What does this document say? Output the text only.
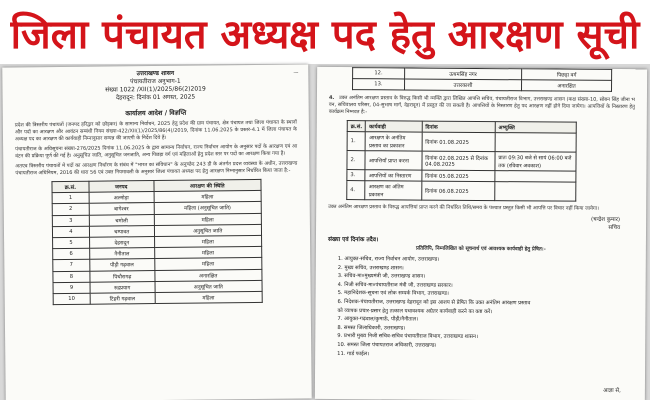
जिला पंचायत अध्यक्ष पद हेतु आरक्षण सूची
उत्तराखण्ड शासन
पंचायतीराज अनुभाग-1
संख्या 1022 /XII(1)/2025/86(2)2019
देहरादून: दिनांक 01 अगस्त, 2025
—
कार्यालय आदेश / विज्ञप्ति

प्रदेश की त्रिस्तरीय पंचायतों (जनपद हरिद्वार को छोड़कर) के सामान्य निर्वाचन, 2025 हेतु प्रदेश की ग्राम पंचायत, क्षेत्र पंचायत तथा जिला पंचायत के स्थानों और पदों का आरक्षण और आवंटन सम्बंधी नियम संख्या-422/XII(1)/2025/86(4)/2019, दिनांक 11.06.2025 के प्रस्तर-4.1 में जिला पंचायत के अध्यक्ष पद का आरक्षण की कार्यवाही निम्नानुसार सम्पन्न की जाएगी के निर्देश दिये हैं।

पंचायतीराज के अधिसूचना संख्या-276/2025 दिनांक 11.06.2025 के द्वारा सामान्य निर्वाचन, राज्य निर्वाचन आयोग के अनुसार पदों के आरक्षण एवं आवंटन की प्रक्रिया पूर्ण की गई है। अनुसूचित जाति, अनुसूचित जनजाति, अन्य पिछड़ा वर्ग एवं महिलाओं हेतु प्रदेश स्तर पर पदों का आरक्षण किया गया है।

अतएव त्रिस्तरीय पंचायतों में पदों का आरक्षण निर्धारण के संबंध में "भारत का संविधान" के अनुच्छेद 243 डी के अंतर्गत प्रदत्त व्यवस्था के अधीन, उत्तराखण्ड पंचायतीराज अधिनियम, 2016 की धारा 56 एवं उक्त नियमावली के अनुसार जिला पंचायत अध्यक्ष पद हेतु आरक्षण निम्नानुसार निर्धारित किया जाता है:-

क्र.सं.	जनपद	आरक्षण की स्थिति
1	अल्मोड़ा	महिला
2	बागेश्वर	महिला (अनुसूचित जाति)
3	चमोली	महिला
4	चम्पावत	अनुसूचित जाति
5	देहरादून	महिला
6	नैनीताल	महिला
7	पौड़ी गढ़वाल	महिला
8	पिथौरागढ़	अनारक्षित
9	रुद्रप्रयाग	अनुसूचित जाति
10	टिहरी गढ़वाल	महिला
12.	ऊधमसिंह नगर	पिछड़ा वर्ग
13.	उत्तरकाशी	अनारक्षित

4. उक्त अनंतिम आरक्षण प्रस्ताव के विरुद्ध किसी भी व्यक्ति द्वारा लिखित आपत्ति सचिव, पंचायतीराज विभाग, उत्तराखण्ड शासन (कक्ष संख्या-10, सोबन सिंह जीना भवन, सचिवालय परिसर, 04-सुभाष मार्ग, देहरादून) में प्रस्तुत की जा सकती है। आपत्तियों के निस्तारण हेतु पद आरक्षण नहीं होने दिया जायेगा। आपत्तियों के निस्तारण हेतु कार्यक्रम निम्नवत है:-

क्र.सं.	कार्यवाही	दिनांक	अभ्युक्ति
1.	आरक्षण के अनंतिम प्रस्ताव का प्रकाशन	दिनांक 01.08.2025	
2.	आपत्तियाँ प्राप्त करना	दिनांक 02.08.2025 से दिनांक 04.08.2025	प्रातः 09:30 बजे से सायं 06:00 बजे तक (रविवार अवकाश)
3.	आपत्तियों का निस्तारण	दिनांक 05.08.2025	
4.	आरक्षण का अंतिम प्रकाशन	दिनांक 06.08.2025	

उक्त अनंतिम आरक्षण प्रस्ताव के विरुद्ध आपत्तियां प्राप्त करने की निर्धारित तिथि/समय के पश्चात प्रस्तुत किसी भी आपत्ति पर विचार नहीं किया जायेगा।

(चन्द्रेश कुमार)
सचिव
संख्या एवं दिनांक तदैव।

प्रतिलिपि, निम्नलिखित को सूचनार्थ एवं आवश्यक कार्यवाही हेतु प्रेषित:-

1. आयुक्त-सचिव, राज्य निर्वाचन आयोग, उत्तराखण्ड।
2. मुख्य सचिव, उत्तराखण्ड शासन।
3. सचिव-मा०मुख्यमंत्री जी, उत्तराखण्ड शासन।
4. निजी सचिव-मा०पंचायतीराज मंत्री जी, उत्तराखण्ड सरकार।
5. महानिदेशक-सूचना एवं लोक सम्पर्क विभाग, उत्तराखण्ड।
6. निदेशक-पंचायतीराज, उत्तराखण्ड देहरादून को इस आशय से प्रेषित कि उक्त अनंतिम आरक्षण प्रस्ताव
को व्यापक प्रचार-प्रसार हेतु तत्काल यथावश्यक अग्रेतर कार्यवाही करने का कष्ट करें।
7. आयुक्त-गढ़वाल/कुमाऊँ, पौड़ी/नैनीताल।
8. समस्त जिलाधिकारी, उत्तराखण्ड।
9. प्रभारी मुख्य निजी सचिव-सचिव पंचायतीराज विभाग, उत्तराखण्ड शासन।
10. समस्त जिला पंचायतराज अधिकारी, उत्तराखण्ड।
11. गार्ड फाईल।
आज्ञा से,
